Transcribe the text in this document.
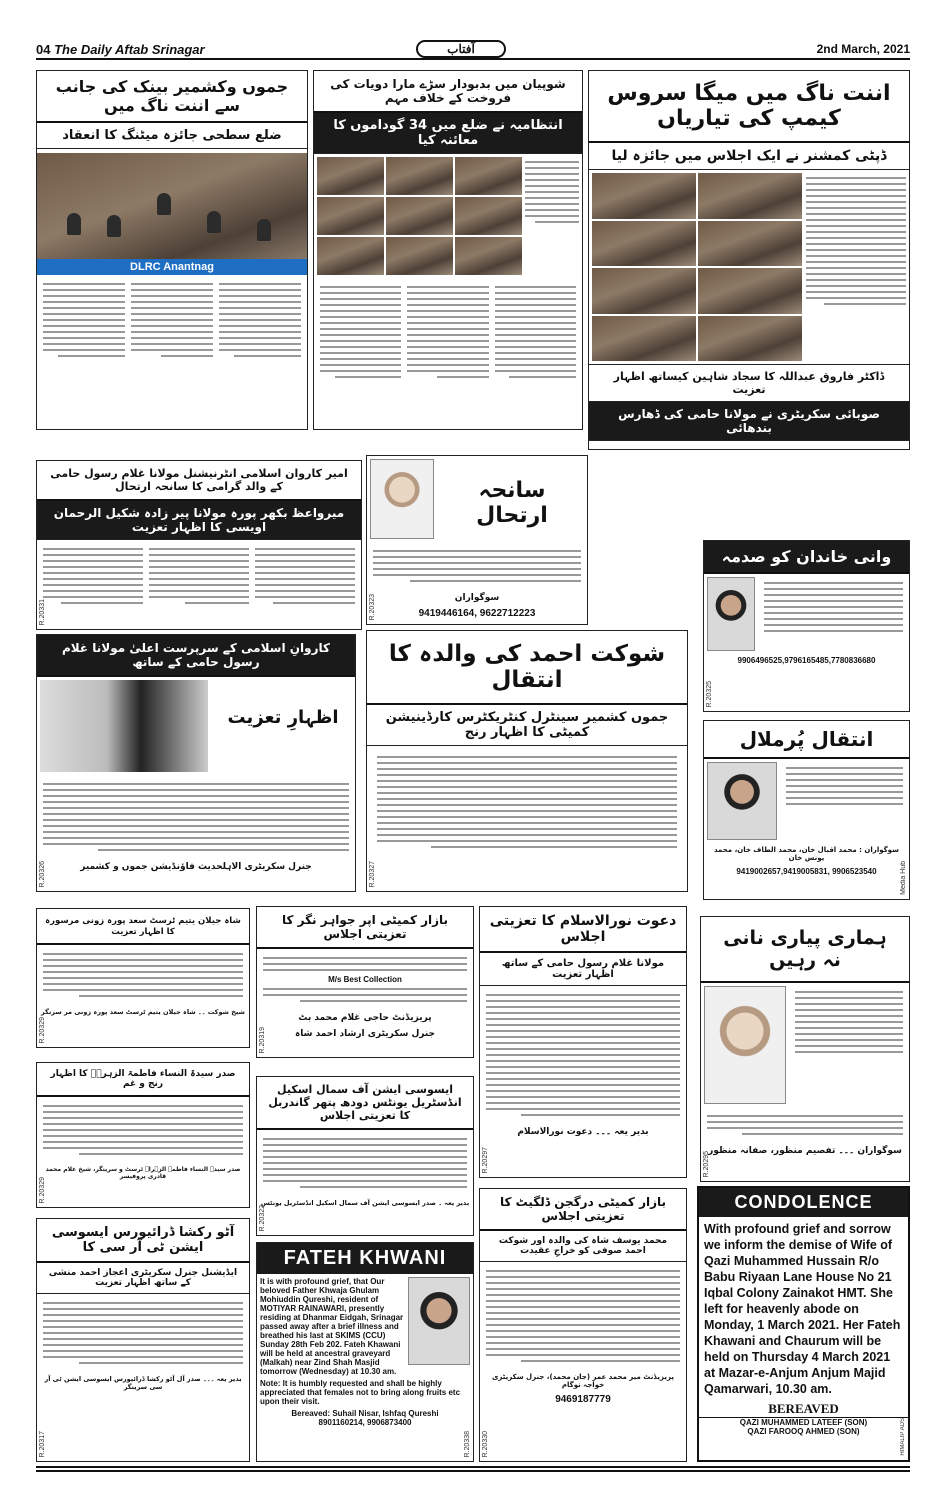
04 The Daily Aftab Srinagar	آفتاب	2nd March, 2021
جموں وکشمیر بینک کی جانب سے اننت ناگ میں
ضلع سطحی جائزہ میٹنگ کا انعقاد
DLRC Anantnag
شوپیان میں بدبودار سڑے مارا دویات کی فروخت کے خلاف مہم
انتظامیہ نے ضلع میں 34 گوداموں کا معائنہ کیا
اننت ناگ میں میگا سروس کیمپ کی تیاریاں
ڈپٹی کمشنر نے ایک اجلاس میں جائزہ لیا
ڈاکٹر فاروق عبداللہ کا سجاد شاہین کیساتھ اظہار تعزیت
صوبائی سکریٹری نے مولانا حامی کی ڈھارس بندھائی
امیر کاروان اسلامی انٹرنیشنل مولانا غلام رسول حامی کے والد گرامی کا سانحہ ارتحال
میرواعظ بکھر پورہ مولانا پیر زادہ شکیل الرحمان اویسی کا اظہار تعزیت
R.20331
سانحہ ارتحال
سوگواران
9419446164, 9622712223
R.20323
وانی خاندان کو صدمہ
9906496525,9796165485,7780836680
R.20325
کاروانِ اسلامی کے سرپرست اعلیٰ مولانا غلام رسول حامی کے ساتھ
اظہارِ تعزیت
جنرل سکریٹری الاہلحدیث فاؤنڈیشن جموں و کشمیر
R.20326
شوکت احمد کی والدہ کا انتقال
جموں کشمیر سینٹرل کنٹریکٹرس کارڈینیشن کمیٹی کا اظہار رنج
R.20327
انتقال پُرملال
سوگواران : محمد اقبال خان، محمد الطاف خان، محمد یونس خان
9419002657,9419005831, 9906523540	Media Hub
شاہ جیلان یتیم ٹرسٹ سعد پورہ زونی مرسورہ کا اظہار تعزیت
شیخ شوکت ۔۔ شاہ جیلان یتیم ٹرسٹ سعد پورہ زونی مر سرنگر
R.20329
بازار کمیٹی اپر جواہر نگر کا تعزیتی اجلاس
M/s Best Collection
پریزیڈنٹ حاجی غلام محمد بٹ
جنرل سکریٹری ارشاد احمد شاہ
R.20319
دعوت نورالاسلام کا تعزیتی اجلاس
مولانا غلام رسول حامی کے ساتھ اظہار تعزیت
بدیر یعہ ۔۔۔ دعوت نورالاسلام
R.20297
ہماری پیاری نانی نہ رہیں
سوگواران ۔۔۔ تفصیم منظور، صفانہ منظور
R.20295
صدر سیدۃ النساء فاطمۃ الزہرہؓ کا اظہار رنج و غم
صدر سیدۃ النساء فاطمۃ الزہراؓ ٹرسٹ و سرینگر، شیخ غلام محمد قادری پروفیسر
R.20329
ایسوسی ایشن آف سمال اسکیل انڈسٹریل یونٹس دودھ پتھر گاندربل کا تعزیتی اجلاس
بدیر یعہ ۔ صدر ایسوسی ایشن آف سمال اسکیل انڈسٹریل یونٹس
R.20322
بازار کمیٹی درگجن ڈلگیٹ کا تعزیتی اجلاس
محمد یوسف شاہ کی والدہ اور شوکت احمد صوفی کو خراجِ عقیدت
پریزیڈنٹ میر محمد عمر (جان محمد)، جنرل سکریٹری خواجہ نوگام
9469187779
R.20330
آٹو رکشا ڈرائیورس ایسوسی ایشن ٹی آر سی کا
ایڈیشنل جنرل سکریٹری اعجاز احمد منشی کے ساتھ اظہار تعزیت
بدیر یعہ ۔۔۔ صدر آل آٹو رکشا ڈرائیورس ایسوسی ایشن ٹی آر سی سرینگر
R.20317
FATEH KHWANI
It is with profound grief, that Our beloved Father Khwaja Ghulam Mohiuddin Qureshi, resident of MOTIYAR RAINAWARI, presently residing at Dhanmar Eidgah, Srinagar passed away after a brief illness and breathed his last at SKIMS (CCU) Sunday 28th Feb 202. Fateh Khawani will be held at ancestral graveyard (Malkah) near Zind Shah Masjid tomorrow (Wednesday) at 10.30 am.
Note: It is humbly requested and shall be highly appreciated that females not to bring along fruits etc upon their visit.
Bereaved: Suhail Nisar, Ishfaq Qureshi
8901160214, 9906873400
R.20338
CONDOLENCE
With profound grief and sorrow we inform the demise of Wife of Qazi Muhammed Hussain R/o Babu Riyaan Lane House No 21 Iqbal Colony Zainakot HMT. She left for heavenly abode on Monday, 1 March 2021. Her Fateh Khawani and Chaurum will be held on Thursday 4 March 2021 at Mazar-e-Anjum Anjum Majid Qamarwari, 10.30 am.
BEREAVED
QAZI MUHAMMED LATEEF (SON)
QAZI FAROOQ AHMED (SON)	HIMALIP ADS
